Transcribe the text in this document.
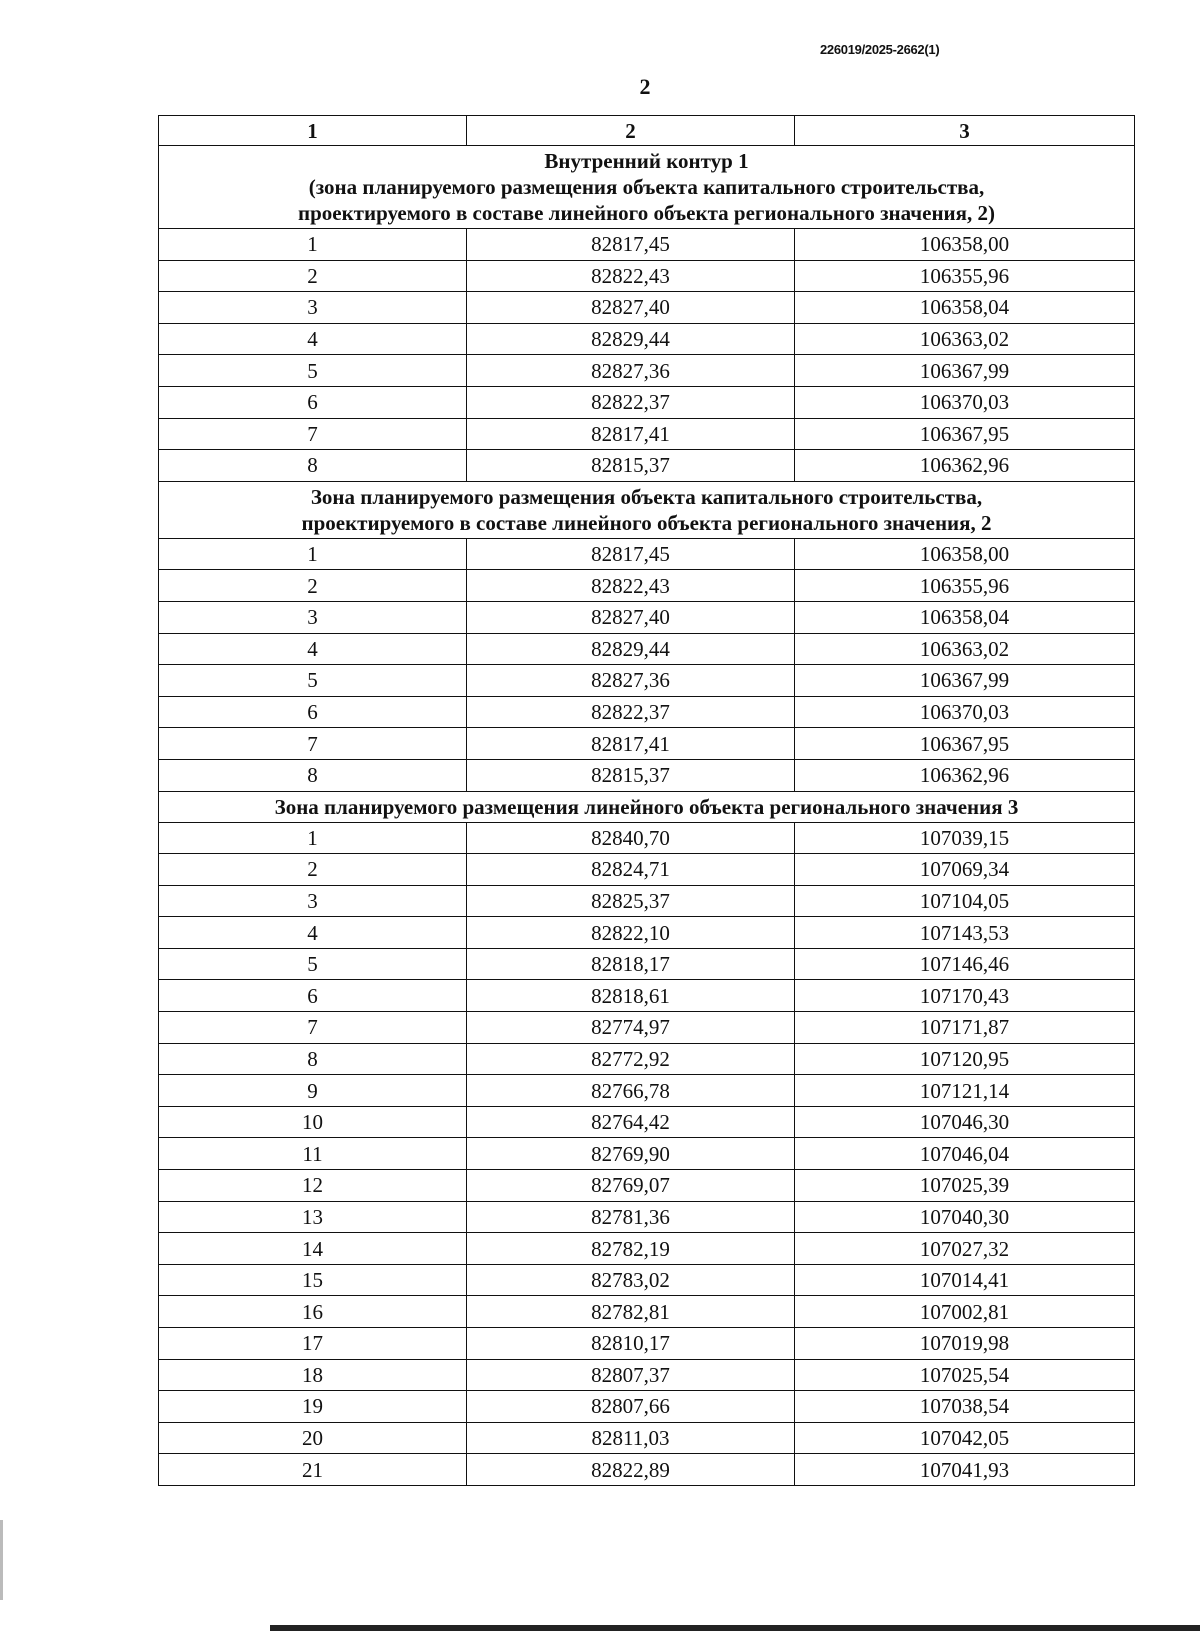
226019/2025-2662(1)
2
1	2	3
Внутренний контур 1
(зона планируемого размещения объекта капитального строительства,
проектируемого в составе линейного объекта регионального значения, 2)		
1	82817,45	106358,00
2	82822,43	106355,96
3	82827,40	106358,04
4	82829,44	106363,02
5	82827,36	106367,99
6	82822,37	106370,03
7	82817,41	106367,95
8	82815,37	106362,96
Зона планируемого размещения объекта капитального строительства,
проектируемого в составе линейного объекта регионального значения, 2		
1	82817,45	106358,00
2	82822,43	106355,96
3	82827,40	106358,04
4	82829,44	106363,02
5	82827,36	106367,99
6	82822,37	106370,03
7	82817,41	106367,95
8	82815,37	106362,96
Зона планируемого размещения линейного объекта регионального значения 3		
1	82840,70	107039,15
2	82824,71	107069,34
3	82825,37	107104,05
4	82822,10	107143,53
5	82818,17	107146,46
6	82818,61	107170,43
7	82774,97	107171,87
8	82772,92	107120,95
9	82766,78	107121,14
10	82764,42	107046,30
11	82769,90	107046,04
12	82769,07	107025,39
13	82781,36	107040,30
14	82782,19	107027,32
15	82783,02	107014,41
16	82782,81	107002,81
17	82810,17	107019,98
18	82807,37	107025,54
19	82807,66	107038,54
20	82811,03	107042,05
21	82822,89	107041,93
